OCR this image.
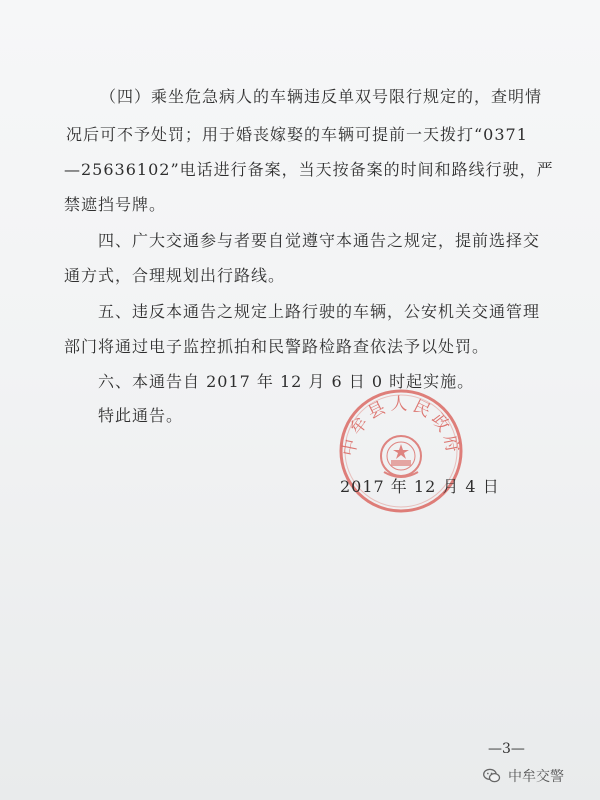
（四）乘坐危急病人的车辆违反单双号限行规定的，查明情
况后可不予处罚；用于婚丧嫁娶的车辆可提前一天拨打“0371
—25636102”电话进行备案，当天按备案的时间和路线行驶，严
禁遮挡号牌。
四、广大交通参与者要自觉遵守本通告之规定，提前选择交
通方式，合理规划出行路线。
五、违反本通告之规定上路行驶的车辆，公安机关交通管理
部门将通过电子监控抓拍和民警路检路查依法予以处罚。
六、本通告自 2017 年 12 月 6 日 0 时起实施。
特此通告。
中牟县人民政府
2017 年 12 月 4 日
—3—
中牟交警
